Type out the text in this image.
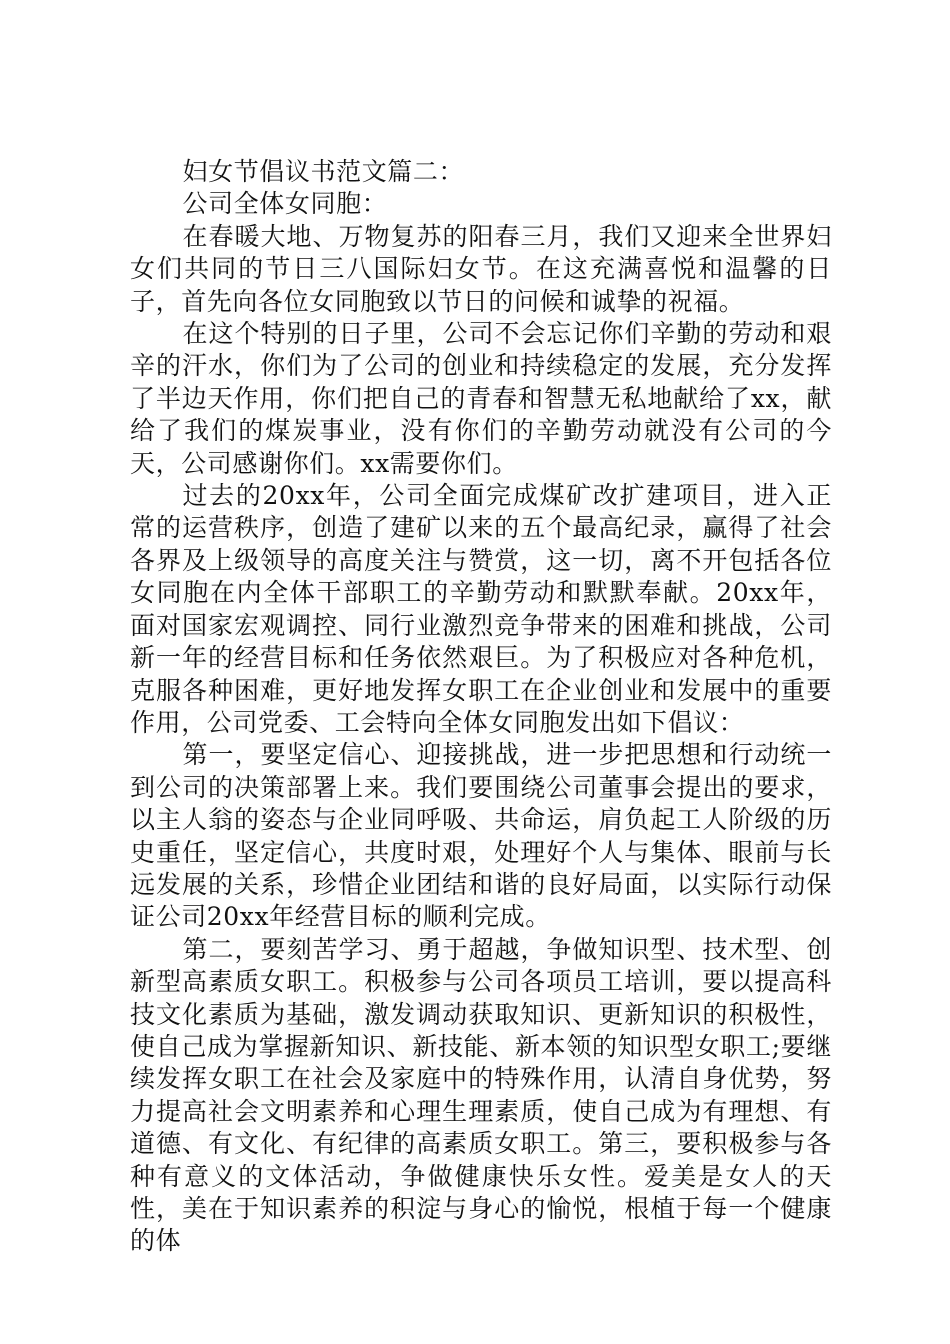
妇女节倡议书范文篇二：

公司全体女同胞：

在春暖大地、万物复苏的阳春三月，我们又迎来全世界妇女们共同的节日三八国际妇女节。在这充满喜悦和温馨的日子，首先向各位女同胞致以节日的问候和诚挚的祝福。

在这个特别的日子里，公司不会忘记你们辛勤的劳动和艰辛的汗水，你们为了公司的创业和持续稳定的发展，充分发挥了半边天作用，你们把自己的青春和智慧无私地献给了xx，献给了我们的煤炭事业，没有你们的辛勤劳动就没有公司的今天，公司感谢你们。xx需要你们。

过去的20xx年，公司全面完成煤矿改扩建项目，进入正常的运营秩序，创造了建矿以来的五个最高纪录，赢得了社会各界及上级领导的高度关注与赞赏，这一切，离不开包括各位女同胞在内全体干部职工的辛勤劳动和默默奉献。20xx年，面对国家宏观调控、同行业激烈竞争带来的困难和挑战，公司新一年的经营目标和任务依然艰巨。为了积极应对各种危机，克服各种困难，更好地发挥女职工在企业创业和发展中的重要作用，公司党委、工会特向全体女同胞发出如下倡议：

第一，要坚定信心、迎接挑战，进一步把思想和行动统一到公司的决策部署上来。我们要围绕公司董事会提出的要求，以主人翁的姿态与企业同呼吸、共命运，肩负起工人阶级的历史重任，坚定信心，共度时艰，处理好个人与集体、眼前与长远发展的关系，珍惜企业团结和谐的良好局面，以实际行动保证公司20xx年经营目标的顺利完成。

第二，要刻苦学习、勇于超越，争做知识型、技术型、创新型高素质女职工。积极参与公司各项员工培训，要以提高科技文化素质为基础，激发调动获取知识、更新知识的积极性，使自己成为掌握新知识、新技能、新本领的知识型女职工;要继续发挥女职工在社会及家庭中的特殊作用，认清自身优势，努力提高社会文明素养和心理生理素质，使自己成为有理想、有道德、有文化、有纪律的高素质女职工。第三，要积极参与各种有意义的文体活动，争做健康快乐女性。爱美是女人的天性，美在于知识素养的积淀与身心的愉悦，根植于每一个健康的体
